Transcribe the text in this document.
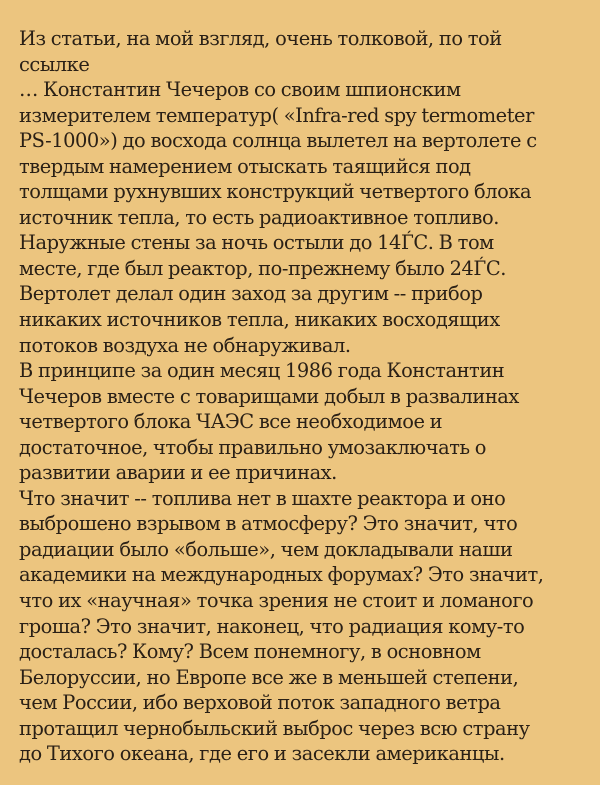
Из статьи, на мой взгляд, очень толковой, по той
ссылке
… Константин Чечеров со своим шпионским
измерителем температур( «Infra-red spy termometer
PS-1000») до восхода солнца вылетел на вертолете с
твердым намерением отыскать таящийся под
толщами рухнувших конструкций четвертого блока
источник тепла, то есть радиоактивное топливо.
Наружные стены за ночь остыли до 14ЃС. В том
месте, где был реактор, по-прежнему было 24ЃС.
Вертолет делал один заход за другим -- прибор
никаких источников тепла, никаких восходящих
потоков воздуха не обнаруживал.
В принципе за один месяц 1986 года Константин
Чечеров вместе с товарищами добыл в развалинах
четвертого блока ЧАЭС все необходимое и
достаточное, чтобы правильно умозаключать о
развитии аварии и ее причинах.
Что значит -- топлива нет в шахте реактора и оно
выброшено взрывом в атмосферу? Это значит, что
радиации было «больше», чем докладывали наши
академики на международных форумах? Это значит,
что их «научная» точка зрения не стоит и ломаного
гроша? Это значит, наконец, что радиация кому-то
досталась? Кому? Всем понемногу, в основном
Белоруссии, но Европе все же в меньшей степени,
чем России, ибо верховой поток западного ветра
протащил чернобыльский выброс через всю страну
до Тихого океана, где его и засекли американцы.
